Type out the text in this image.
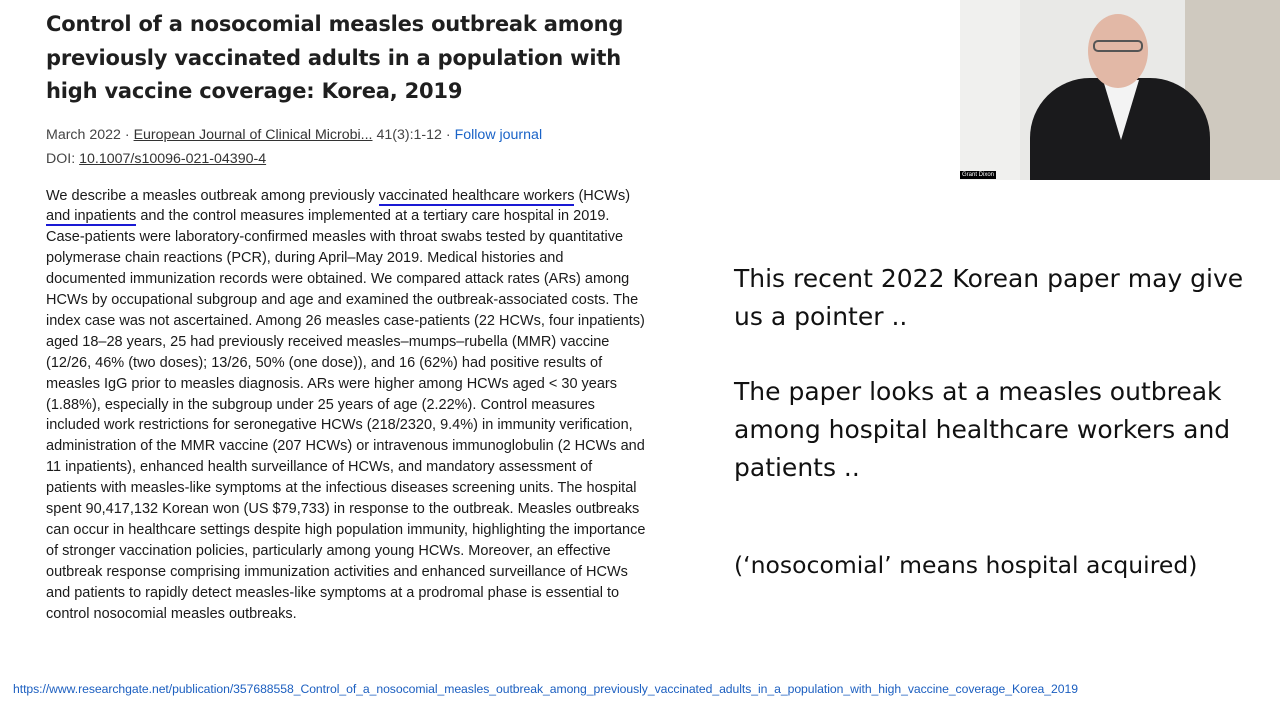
Control of a nosocomial measles outbreak among previously vaccinated adults in a population with high vaccine coverage: Korea, 2019
March 2022 · European Journal of Clinical Microbi... 41(3):1-12 · Follow journal
DOI: 10.1007/s10096-021-04390-4
We describe a measles outbreak among previously vaccinated healthcare workers (HCWs) and inpatients and the control measures implemented at a tertiary care hospital in 2019. Case-patients were laboratory-confirmed measles with throat swabs tested by quantitative polymerase chain reactions (PCR), during April–May 2019. Medical histories and documented immunization records were obtained. We compared attack rates (ARs) among HCWs by occupational subgroup and age and examined the outbreak-associated costs. The index case was not ascertained. Among 26 measles case-patients (22 HCWs, four inpatients) aged 18–28 years, 25 had previously received measles–mumps–rubella (MMR) vaccine (12/26, 46% (two doses); 13/26, 50% (one dose)), and 16 (62%) had positive results of measles IgG prior to measles diagnosis. ARs were higher among HCWs aged < 30 years (1.88%), especially in the subgroup under 25 years of age (2.22%). Control measures included work restrictions for seronegative HCWs (218/2320, 9.4%) in immunity verification, administration of the MMR vaccine (207 HCWs) or intravenous immunoglobulin (2 HCWs and 11 inpatients), enhanced health surveillance of HCWs, and mandatory assessment of patients with measles-like symptoms at the infectious diseases screening units. The hospital spent 90,417,132 Korean won (US $79,733) in response to the outbreak. Measles outbreaks can occur in healthcare settings despite high population immunity, highlighting the importance of stronger vaccination policies, particularly among young HCWs. Moreover, an effective outbreak response comprising immunization activities and enhanced surveillance of HCWs and patients to rapidly detect measles-like symptoms at a prodromal phase is essential to control nosocomial measles outbreaks.
Grant Dixon
This recent 2022 Korean paper may give us a pointer ..
The paper looks at a measles outbreak among hospital healthcare workers and patients ..
(‘nosocomial’ means hospital acquired)
https://www.researchgate.net/publication/357688558_Control_of_a_nosocomial_measles_outbreak_among_previously_vaccinated_adults_in_a_population_with_high_vaccine_coverage_Korea_2019
